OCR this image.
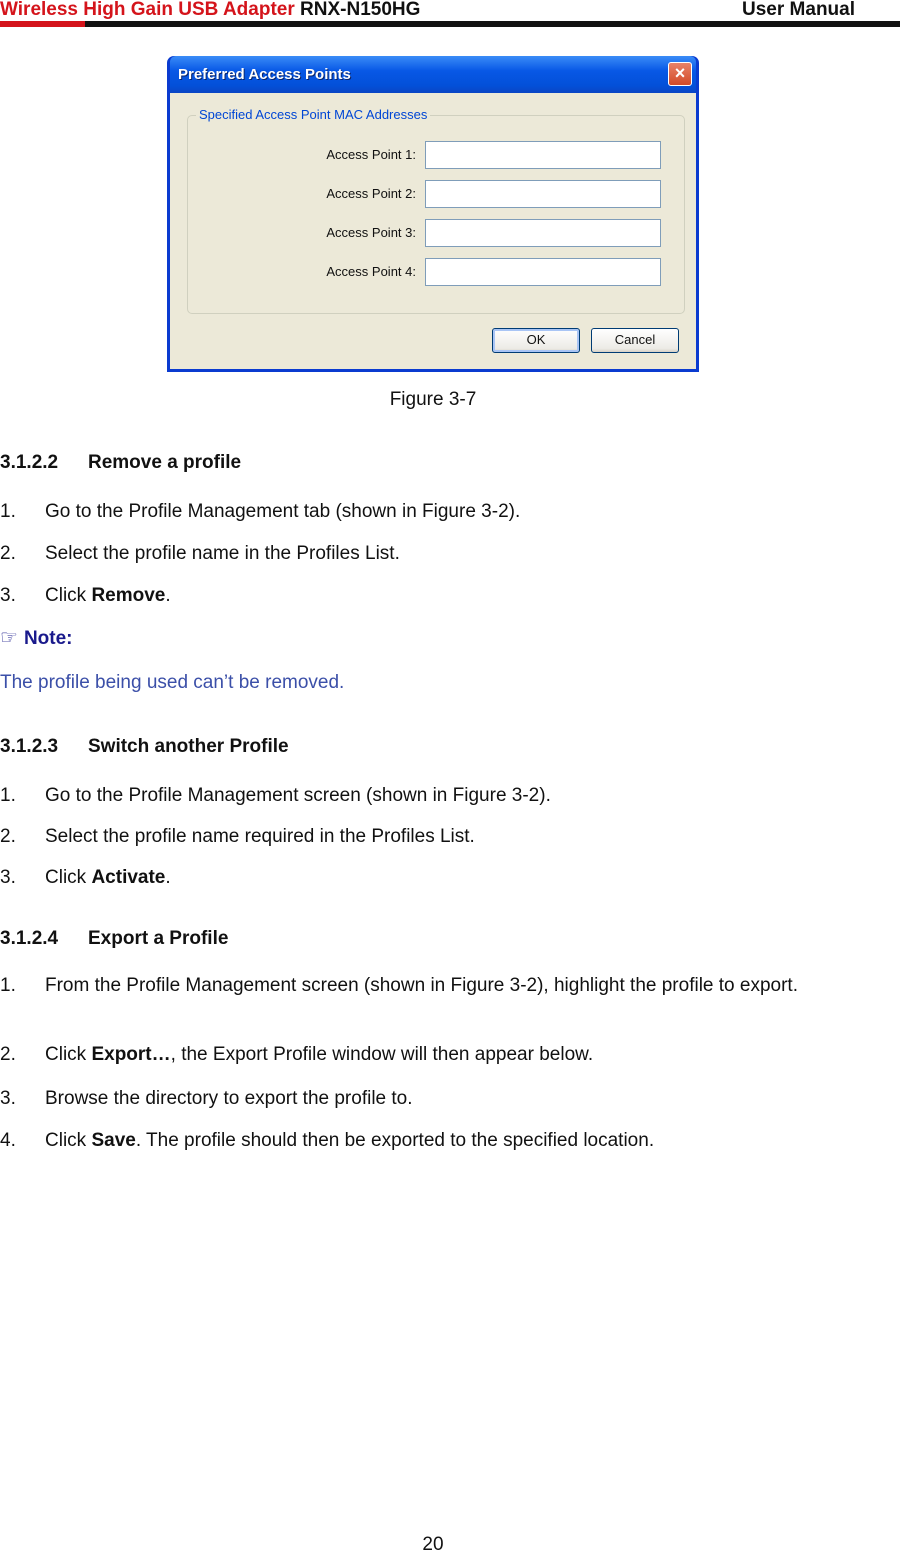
Wireless High Gain USB Adapter RNX-N150HG	User Manual
Preferred Access Points	×
Specified Access Point MAC Addresses
Access Point 1:
Access Point 2:
Access Point 3:
Access Point 4:
OK	Cancel
Figure 3-7
3.1.2.2 Remove a profile
1. Go to the Profile Management tab (shown in Figure 3-2).
2. Select the profile name in the Profiles List.
3. Click Remove.
☞ Note:
The profile being used can’t be removed.
3.1.2.3 Switch another Profile
1. Go to the Profile Management screen (shown in Figure 3-2).
2. Select the profile name required in the Profiles List.
3. Click Activate.
3.1.2.4 Export a Profile
1. From the Profile Management screen (shown in Figure 3-2), highlight the profile to export.
2. Click Export…, the Export Profile window will then appear below.
3. Browse the directory to export the profile to.
4. Click Save. The profile should then be exported to the specified location.
20
